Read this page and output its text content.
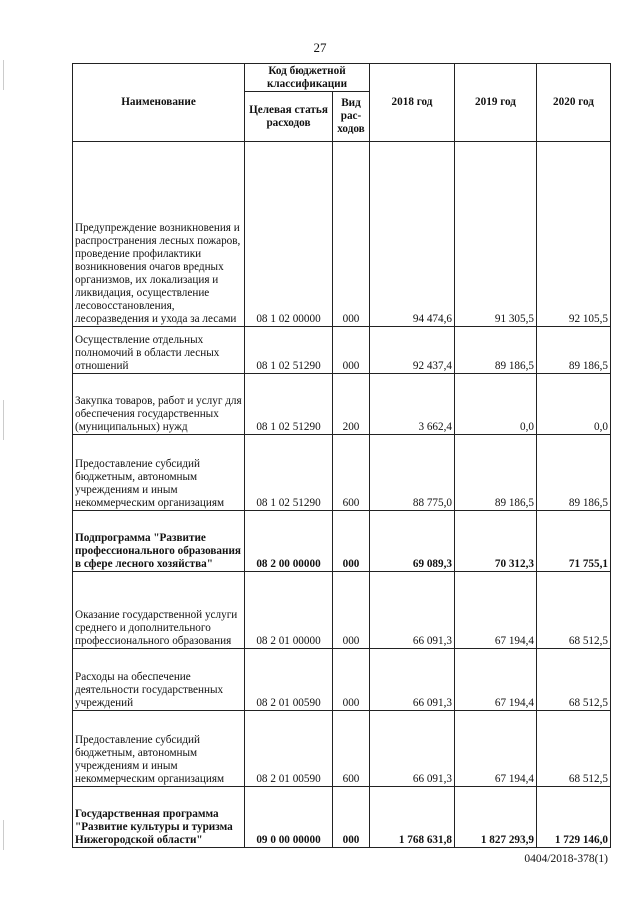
27
Наименование	Код бюджетной классификации		2018 год	2019 год	2020 год
	Целевая статья расходов	Вид рас-ходов			
Предупреждение возникновения и распространения лесных пожаров, проведение профилактики возникновения очагов вредных организмов, их локализация и ликвидация, осуществление лесовосстановления, лесоразведения и ухода за лесами	08 1 02 00000	000	94 474,6	91 305,5	92 105,5
Осуществление отдельных полномочий в области лесных отношений	08 1 02 51290	000	92 437,4	89 186,5	89 186,5
Закупка товаров, работ и услуг для обеспечения государственных (муниципальных) нужд	08 1 02 51290	200	3 662,4	0,0	0,0
Предоставление субсидий бюджетным, автономным учреждениям и иным некоммерческим организациям	08 1 02 51290	600	88 775,0	89 186,5	89 186,5
Подпрограмма "Развитие профессионального образования в сфере лесного хозяйства"	08 2 00 00000	000	69 089,3	70 312,3	71 755,1
Оказание государственной услуги среднего и дополнительного профессионального образования	08 2 01 00000	000	66 091,3	67 194,4	68 512,5
Расходы на обеспечение деятельности государственных учреждений	08 2 01 00590	000	66 091,3	67 194,4	68 512,5
Предоставление субсидий бюджетным, автономным учреждениям и иным некоммерческим организациям	08 2 01 00590	600	66 091,3	67 194,4	68 512,5
Государственная программа "Развитие культуры и туризма Нижегородской области"	09 0 00 00000	000	1 768 631,8	1 827 293,9	1 729 146,0
0404/2018-378(1)
